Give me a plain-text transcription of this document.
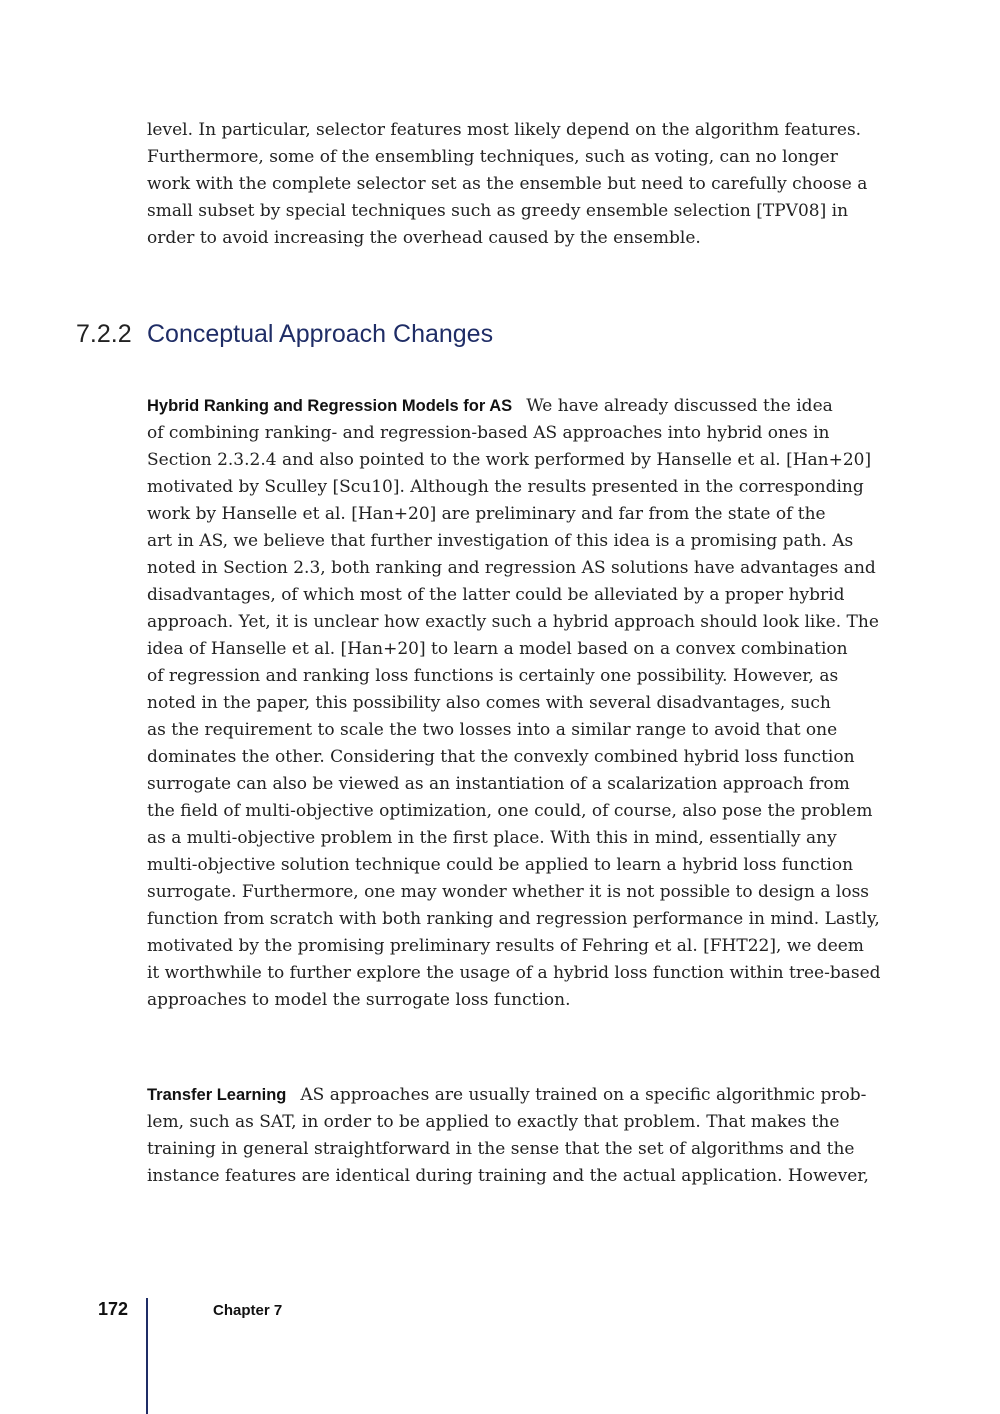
level. In particular, selector features most likely depend on the algorithm features.
Furthermore, some of the ensembling techniques, such as voting, can no longer
work with the complete selector set as the ensemble but need to carefully choose a
small subset by special techniques such as greedy ensemble selection [TPV08] in
order to avoid increasing the overhead caused by the ensemble.
7.2.2 Conceptual Approach Changes
Hybrid Ranking and Regression Models for AS We have already discussed the idea
of combining ranking- and regression-based AS approaches into hybrid ones in
Section 2.3.2.4 and also pointed to the work performed by Hanselle et al. [Han+20]
motivated by Sculley [Scu10]. Although the results presented in the corresponding
work by Hanselle et al. [Han+20] are preliminary and far from the state of the
art in AS, we believe that further investigation of this idea is a promising path. As
noted in Section 2.3, both ranking and regression AS solutions have advantages and
disadvantages, of which most of the latter could be alleviated by a proper hybrid
approach. Yet, it is unclear how exactly such a hybrid approach should look like. The
idea of Hanselle et al. [Han+20] to learn a model based on a convex combination
of regression and ranking loss functions is certainly one possibility. However, as
noted in the paper, this possibility also comes with several disadvantages, such
as the requirement to scale the two losses into a similar range to avoid that one
dominates the other. Considering that the convexly combined hybrid loss function
surrogate can also be viewed as an instantiation of a scalarization approach from
the field of multi-objective optimization, one could, of course, also pose the problem
as a multi-objective problem in the first place. With this in mind, essentially any
multi-objective solution technique could be applied to learn a hybrid loss function
surrogate. Furthermore, one may wonder whether it is not possible to design a loss
function from scratch with both ranking and regression performance in mind. Lastly,
motivated by the promising preliminary results of Fehring et al. [FHT22], we deem
it worthwhile to further explore the usage of a hybrid loss function within tree-based
approaches to model the surrogate loss function.
Transfer Learning AS approaches are usually trained on a specific algorithmic prob-
lem, such as SAT, in order to be applied to exactly that problem. That makes the
training in general straightforward in the sense that the set of algorithms and the
instance features are identical during training and the actual application. However,
172	Chapter 7
